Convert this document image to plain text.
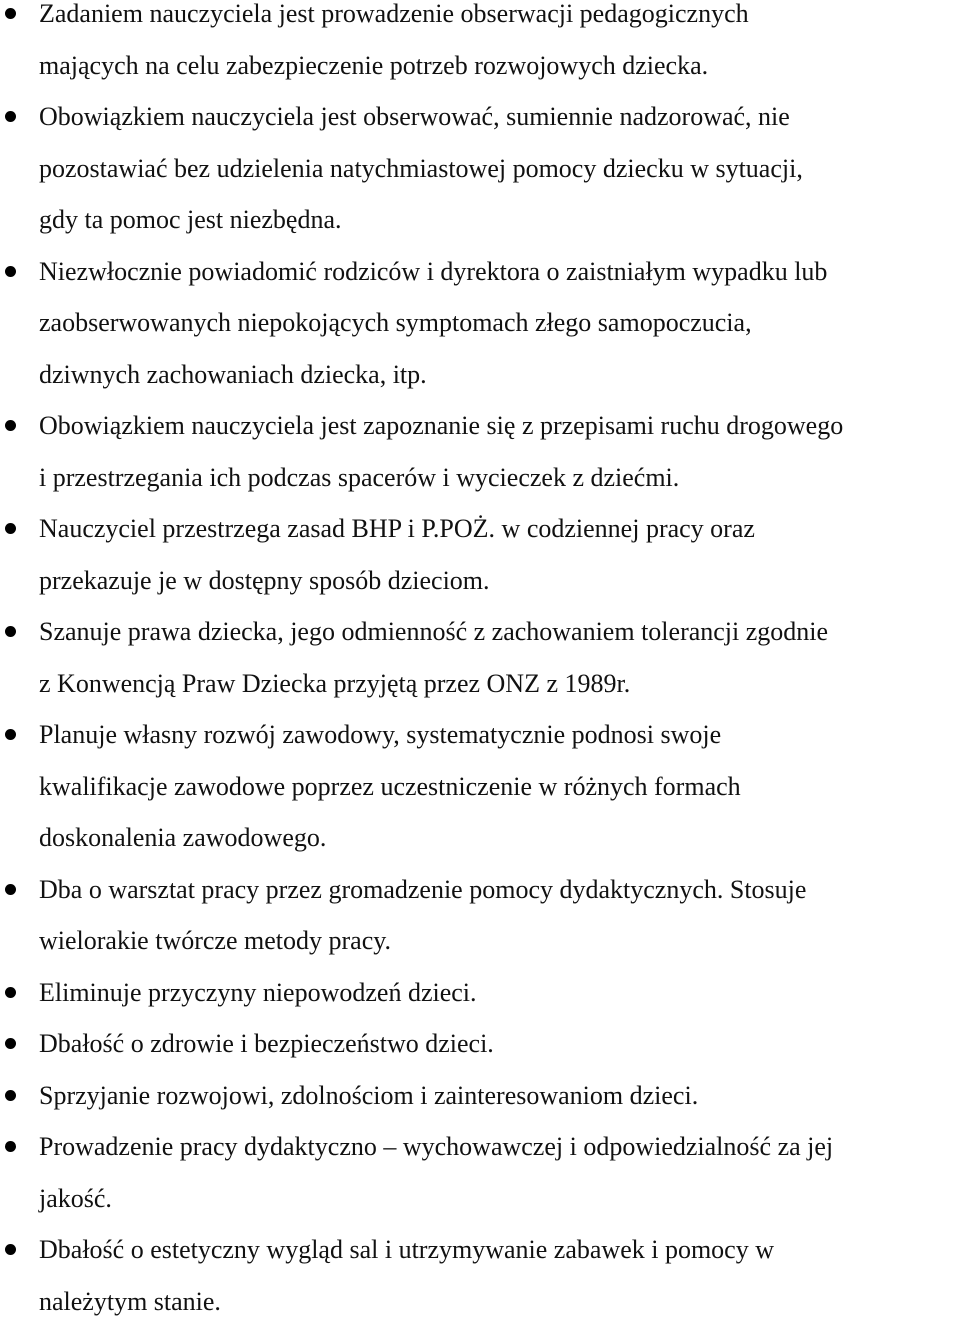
Zadaniem nauczyciela jest prowadzenie obserwacji pedagogicznych
mających na celu zabezpieczenie potrzeb rozwojowych dziecka.
Obowiązkiem nauczyciela jest obserwować, sumiennie nadzorować, nie
pozostawiać bez udzielenia natychmiastowej pomocy dziecku w sytuacji,
gdy ta pomoc jest niezbędna.
Niezwłocznie powiadomić rodziców i dyrektora o zaistniałym wypadku lub
zaobserwowanych niepokojących symptomach złego samopoczucia,
dziwnych zachowaniach dziecka, itp.
Obowiązkiem nauczyciela jest zapoznanie się z przepisami ruchu drogowego
i przestrzegania ich podczas spacerów i wycieczek z dziećmi.
Nauczyciel przestrzega zasad BHP i P.POŻ. w codziennej pracy oraz
przekazuje je w dostępny sposób dzieciom.
Szanuje prawa dziecka, jego odmienność z zachowaniem tolerancji zgodnie
z Konwencją Praw Dziecka przyjętą przez ONZ z 1989r.
Planuje własny rozwój zawodowy, systematycznie podnosi swoje
kwalifikacje zawodowe poprzez uczestniczenie w różnych formach
doskonalenia zawodowego.
Dba o warsztat pracy przez gromadzenie pomocy dydaktycznych. Stosuje
wielorakie twórcze metody pracy.
Eliminuje przyczyny niepowodzeń dzieci.
Dbałość o zdrowie i bezpieczeństwo dzieci.
Sprzyjanie rozwojowi, zdolnościom i zainteresowaniom dzieci.
Prowadzenie pracy dydaktyczno – wychowawczej i odpowiedzialność za jej
jakość.
Dbałość o estetyczny wygląd sal i utrzymywanie zabawek i pomocy w
należytym stanie.
